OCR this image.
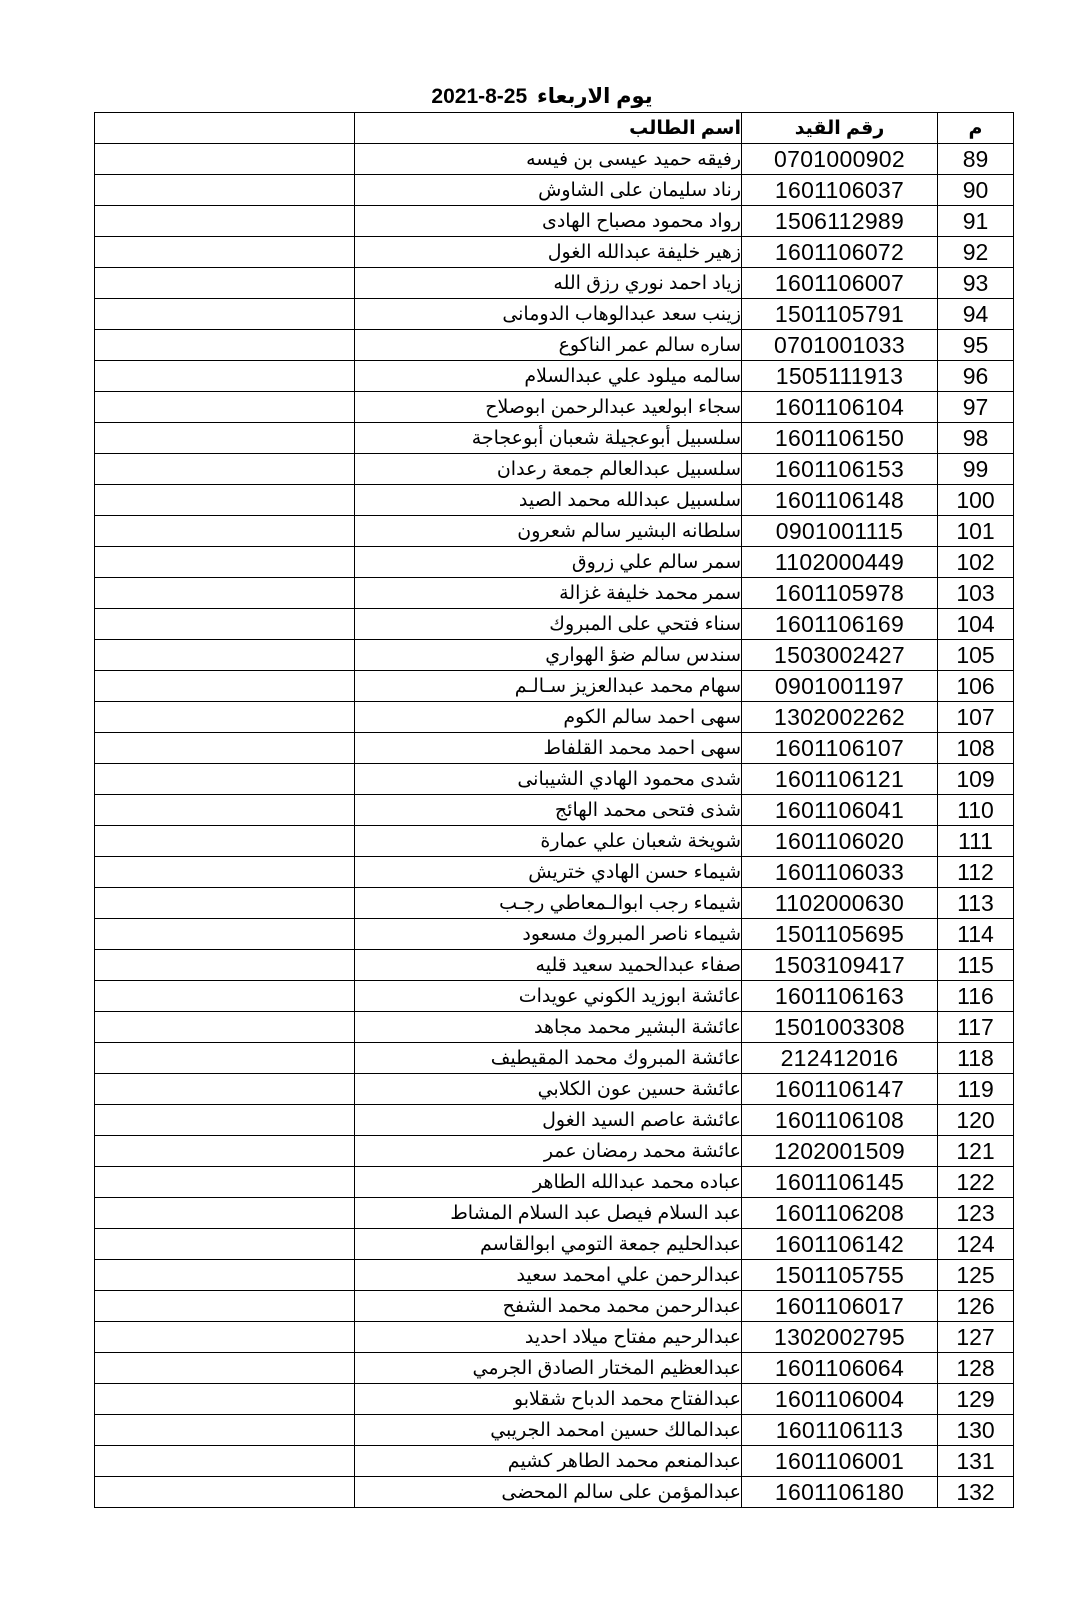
يوم الاربعاء 2021-8-25
	اسم الطالب	رقم القيد	م
	رفيقه حميد عيسى بن فيسه	0701000902	89
	رناد سليمان على الشاوش	1601106037	90
	رواد محمود مصباح الهادى	1506112989	91
	زهير خليفة عبدالله الغول	1601106072	92
	زياد احمد نوري رزق الله	1601106007	93
	زينب سعد عبدالوهاب الدومانى	1501105791	94
	ساره سالم عمر الناكوع	0701001033	95
	سالمه ميلود علي عبدالسلام	1505111913	96
	سجاء ابولعيد عبدالرحمن ابوصلاح	1601106104	97
	سلسبيل أبوعجيلة شعبان أبوعجاجة	1601106150	98
	سلسبيل عبدالعالم جمعة رعدان	1601106153	99
	سلسبيل عبدالله محمد الصيد	1601106148	100
	سلطانه البشير سالم شعرون	0901001115	101
	سمر سالم علي زروق	1102000449	102
	سمر محمد خليفة غزالة	1601105978	103
	سناء فتحي على المبروك	1601106169	104
	سندس سالم ضؤ الهواري	1503002427	105
	سهام محمد عبدالعزيز سـالـم	0901001197	106
	سهى احمد سالم الكوم	1302002262	107
	سهى احمد محمد القلفاط	1601106107	108
	شدى محمود الهادي الشيبانى	1601106121	109
	شذى فتحى محمد الهائج	1601106041	110
	شويخة شعبان علي عمارة	1601106020	111
	شيماء حسن الهادي ختريش	1601106033	112
	شيماء رجب ابوالـمعاطي رجـب	1102000630	113
	شيماء ناصر المبروك مسعود	1501105695	114
	صفاء عبدالحميد سعيد قليه	1503109417	115
	عائشة ابوزيد الكوني عويدات	1601106163	116
	عائشة البشير محمد مجاهد	1501003308	117
	عائشة المبروك محمد المقيطيف	212412016	118
	عائشة حسين عون الكلابي	1601106147	119
	عائشة عاصم السيد الغول	1601106108	120
	عائشة محمد رمضان عمر	1202001509	121
	عباده محمد عبدالله الطاهر	1601106145	122
	عبد السلام فيصل عبد السلام المشاط	1601106208	123
	عبدالحليم جمعة التومي ابوالقاسم	1601106142	124
	عبدالرحمن علي امحمد سعيد	1501105755	125
	عبدالرحمن محمد محمد الشفح	1601106017	126
	عبدالرحيم مفتاح ميلاد احديد	1302002795	127
	عبدالعظيم المختار الصادق الجرمي	1601106064	128
	عبدالفتاح محمد الدباح شقلابو	1601106004	129
	عبدالمالك حسين امحمد الجريبي	1601106113	130
	عبدالمنعم محمد الطاهر كشيم	1601106001	131
	عبدالمؤمن على سالم المحضى	1601106180	132
